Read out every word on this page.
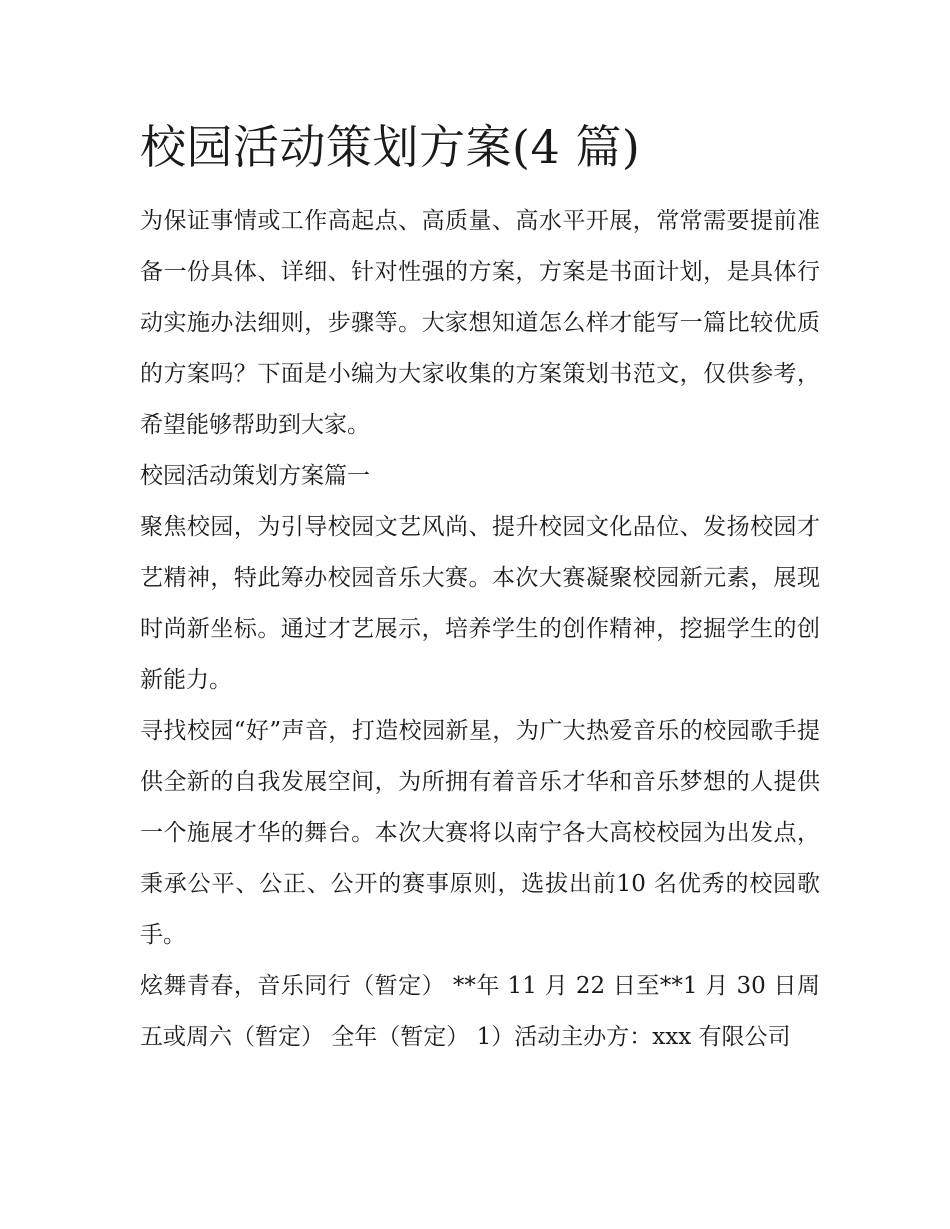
校园活动策划方案(4 篇)

为保证事情或工作高起点、高质量、高水平开展，常常需要提前准备一份具体、详细、针对性强的方案，方案是书面计划，是具体行动实施办法细则，步骤等。大家想知道怎么样才能写一篇比较优质的方案吗？下面是小编为大家收集的方案策划书范文，仅供参考，希望能够帮助到大家。

校园活动策划方案篇一

聚焦校园，为引导校园文艺风尚、提升校园文化品位、发扬校园才艺精神，特此筹办校园音乐大赛。本次大赛凝聚校园新元素，展现时尚新坐标。通过才艺展示，培养学生的创作精神，挖掘学生的创新能力。

寻找校园“好”声音，打造校园新星，为广大热爱音乐的校园歌手提供全新的自我发展空间，为所拥有着音乐才华和音乐梦想的人提供一个施展才华的舞台。本次大赛将以南宁各大高校校园为出发点，秉承公平、公正、公开的赛事原则，选拔出前10 名优秀的校园歌手。

炫舞青春，音乐同行（暂定） **年 11 月 22 日至**1 月 30 日周五或周六（暂定） 全年（暂定） 1）活动主办方：xxx 有限公司
